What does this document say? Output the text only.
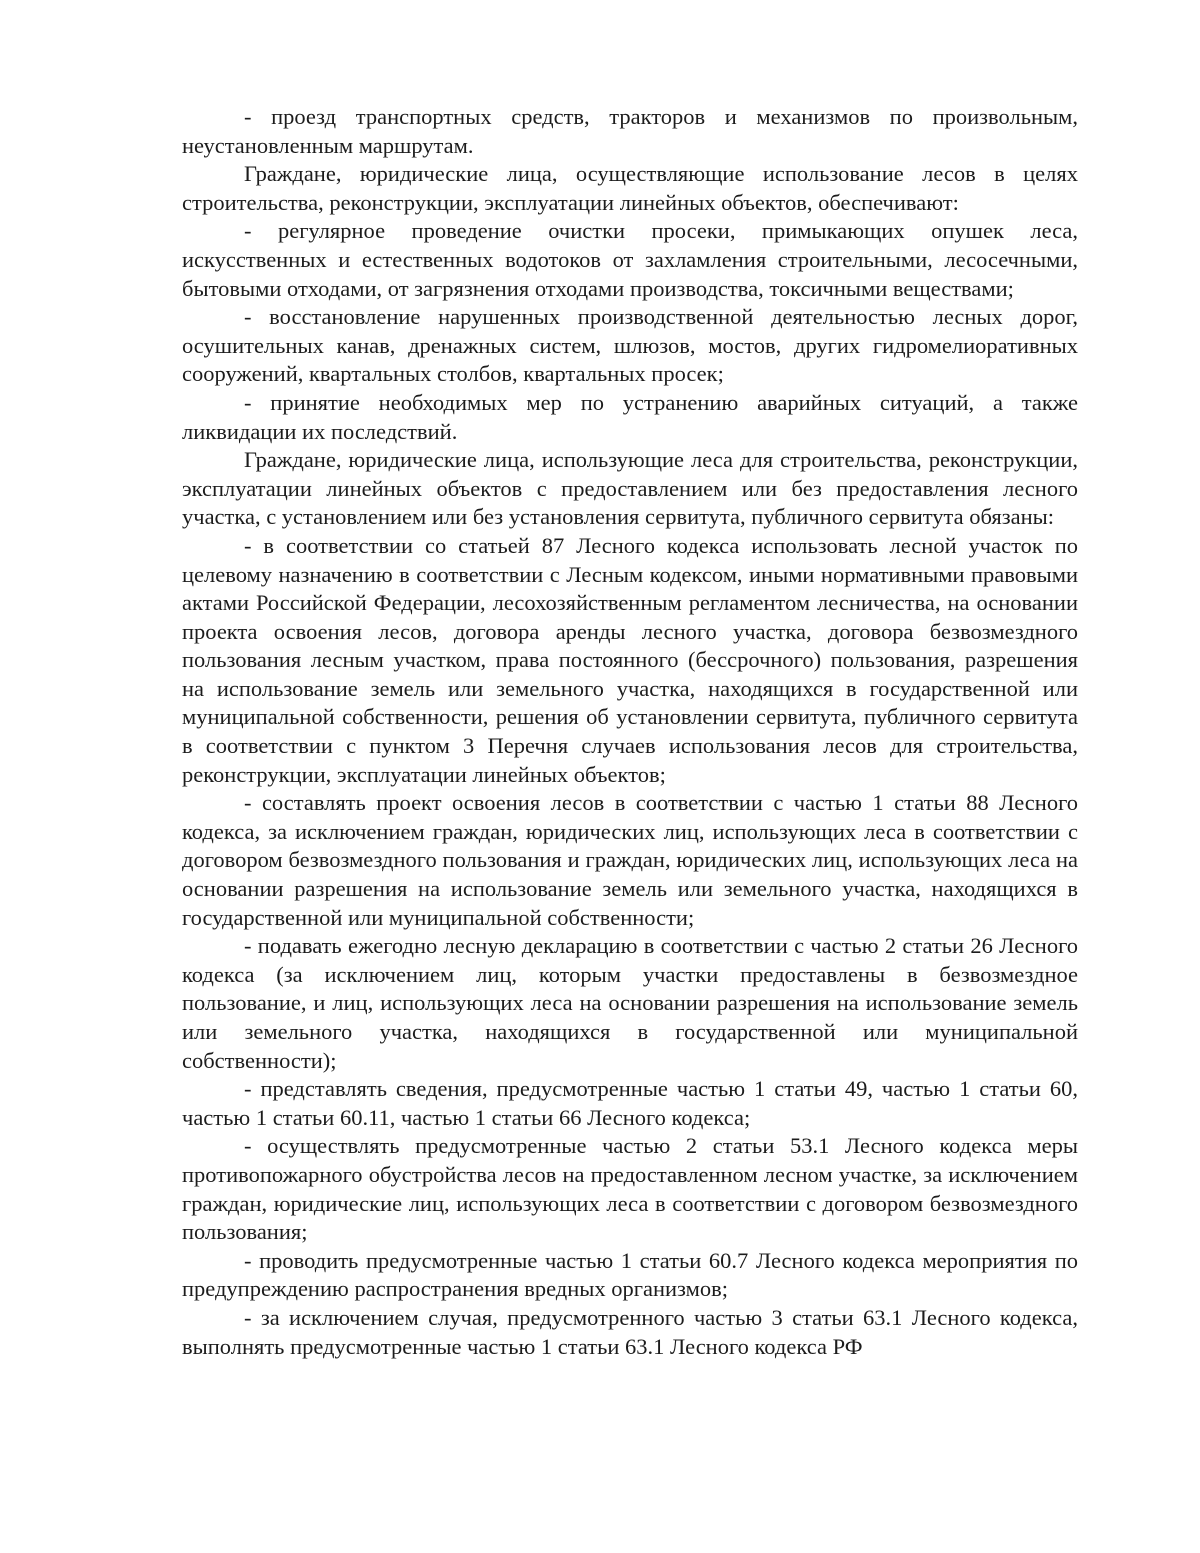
- проезд транспортных средств, тракторов и механизмов по произвольным, неустановленным маршрутам.

Граждане, юридические лица, осуществляющие использование лесов в целях строительства, реконструкции, эксплуатации линейных объектов, обеспечивают:

- регулярное проведение очистки просеки, примыкающих опушек леса, искусственных и естественных водотоков от захламления строительными, лесосечными, бытовыми отходами, от загрязнения отходами производства, токсичными веществами;

- восстановление нарушенных производственной деятельностью лесных дорог, осушительных канав, дренажных систем, шлюзов, мостов, других гидромелиоративных сооружений, квартальных столбов, квартальных просек;

- принятие необходимых мер по устранению аварийных ситуаций, а также ликвидации их последствий.

Граждане, юридические лица, использующие леса для строительства, реконструкции, эксплуатации линейных объектов с предоставлением или без предоставления лесного участка, с установлением или без установления сервитута, публичного сервитута обязаны:

- в соответствии со статьей 87 Лесного кодекса использовать лесной участок по целевому назначению в соответствии с Лесным кодексом, иными нормативными правовыми актами Российской Федерации, лесохозяйственным регламентом лесничества, на основании проекта освоения лесов, договора аренды лесного участка, договора безвозмездного пользования лесным участком, права постоянного (бессрочного) пользования, разрешения на использование земель или земельного участка, находящихся в государственной или муниципальной собственности, решения об установлении сервитута, публичного сервитута в соответствии с пунктом 3 Перечня случаев использования лесов для строительства, реконструкции, эксплуатации линейных объектов;

- составлять проект освоения лесов в соответствии с частью 1 статьи 88 Лесного кодекса, за исключением граждан, юридических лиц, использующих леса в соответствии с договором безвозмездного пользования и граждан, юридических лиц, использующих леса на основании разрешения на использование земель или земельного участка, находящихся в государственной или муниципальной собственности;

- подавать ежегодно лесную декларацию в соответствии с частью 2 статьи 26 Лесного кодекса (за исключением лиц, которым участки предоставлены в безвозмездное пользование, и лиц, использующих леса на основании разрешения на использование земель или земельного участка, находящихся в государственной или муниципальной собственности);

- представлять сведения, предусмотренные частью 1 статьи 49, частью 1 статьи 60, частью 1 статьи 60.11, частью 1 статьи 66 Лесного кодекса;

- осуществлять предусмотренные частью 2 статьи 53.1 Лесного кодекса меры противопожарного обустройства лесов на предоставленном лесном участке, за исключением граждан, юридические лиц, использующих леса в соответствии с договором безвозмездного пользования;

- проводить предусмотренные частью 1 статьи 60.7 Лесного кодекса мероприятия по предупреждению распространения вредных организмов;

- за исключением случая, предусмотренного частью 3 статьи 63.1 Лесного кодекса, выполнять предусмотренные частью 1 статьи 63.1 Лесного кодекса РФ
